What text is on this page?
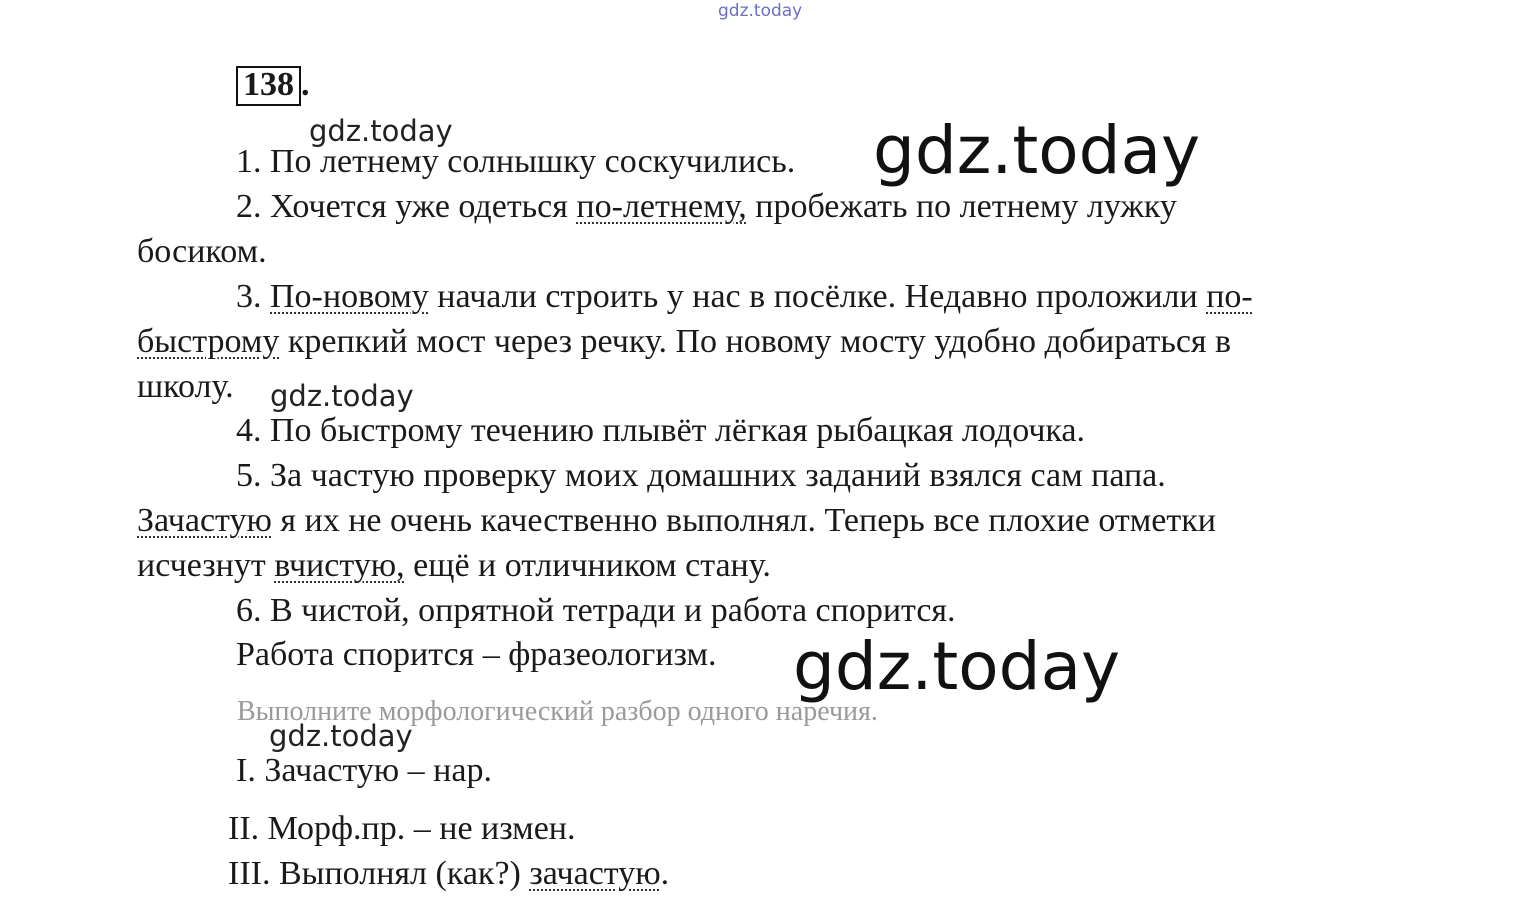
gdz.today
gdz.today	gdz.today
gdz.today
gdz.today
gdz.today
138 .
1. По летнему солнышку соскучились.
2. Хочется уже одеться по-летнему, пробежать по летнему лужку
босиком.
3. По-новому начали строить у нас в посёлке. Недавно проложили по-
быстрому крепкий мост через речку. По новому мосту удобно добираться в
школу.
4. По быстрому течению плывёт лёгкая рыбацкая лодочка.
5. За частую проверку моих домашних заданий взялся сам папа.
Зачастую я их не очень качественно выполнял. Теперь все плохие отметки
исчезнут вчистую, ещё и отличником стану.
6. В чистой, опрятной тетради и работа спорится.
Работа спорится – фразеологизм.
Выполните морфологический разбор одного наречия.
I. Зачастую – нар.
II. Морф.пр. – не измен.
III. Выполнял (как?) зачастую.
